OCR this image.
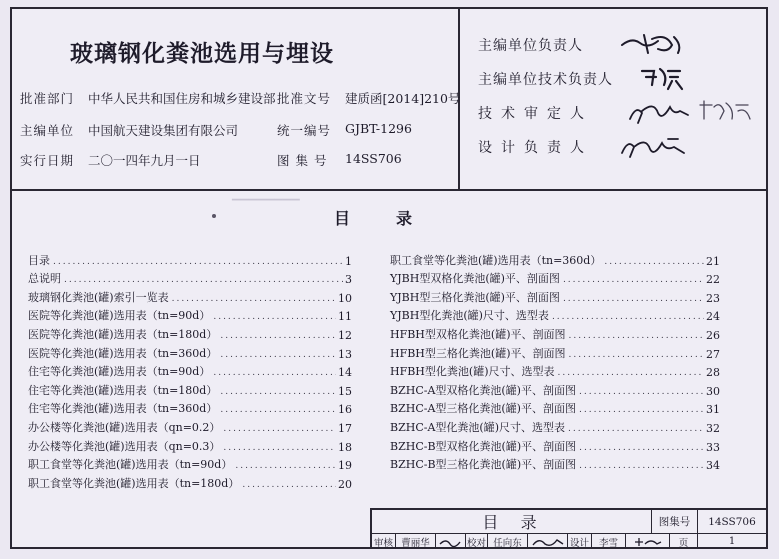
玻璃钢化粪池选用与埋设
批准部门 中华人民共和国住房和城乡建设部 批准文号 建质函[2014]210号
主编单位 中国航天建设集团有限公司	统一编号 GJBT-1296
实行日期 二〇一四年九月一日	图 集 号 14SS706
主编单位负责人
主编单位技术负责人
技术审定人
设计负责人
▔▔▔▔▔▔▔▔
目	录
目录 .....	1
总说明 .....	3
玻璃钢化粪池(罐)索引一览表 .....	10
医院等化粪池(罐)选用表（tn=90d） .....	11
医院等化粪池(罐)选用表（tn=180d） .....	12
医院等化粪池(罐)选用表（tn=360d） .....	13
住宅等化粪池(罐)选用表（tn=90d） .....	14
住宅等化粪池(罐)选用表（tn=180d） .....	15
住宅等化粪池(罐)选用表（tn=360d） .....	16
办公楼等化粪池(罐)选用表（qn=0.2） .....	17
办公楼等化粪池(罐)选用表（qn=0.3） .....	18
职工食堂等化粪池(罐)选用表（tn=90d） .....	19
职工食堂等化粪池(罐)选用表（tn=180d） .....	20
职工食堂等化粪池(罐)选用表（tn=360d） .....	21
YJBH型双格化粪池(罐)平、剖面图 .....	22
YJBH型三格化粪池(罐)平、剖面图 .....	23
YJBH型化粪池(罐)尺寸、选型表 .....	24
HFBH型双格化粪池(罐)平、剖面图 .....	26
HFBH型三格化粪池(罐)平、剖面图 .....	27
HFBH型化粪池(罐)尺寸、选型表 .....	28
BZHC-A型双格化粪池(罐)平、剖面图 .....	30
BZHC-A型三格化粪池(罐)平、剖面图 .....	31
BZHC-A型化粪池(罐)尺寸、选型表 .....	32
BZHC-B型双格化粪池(罐)平、剖面图 .....	33
BZHC-B型三格化粪池(罐)平、剖面图 .....	34
目  录	图集号	14SS706
审核 曹丽华	校对 任向东	设计	李雪	页	1
